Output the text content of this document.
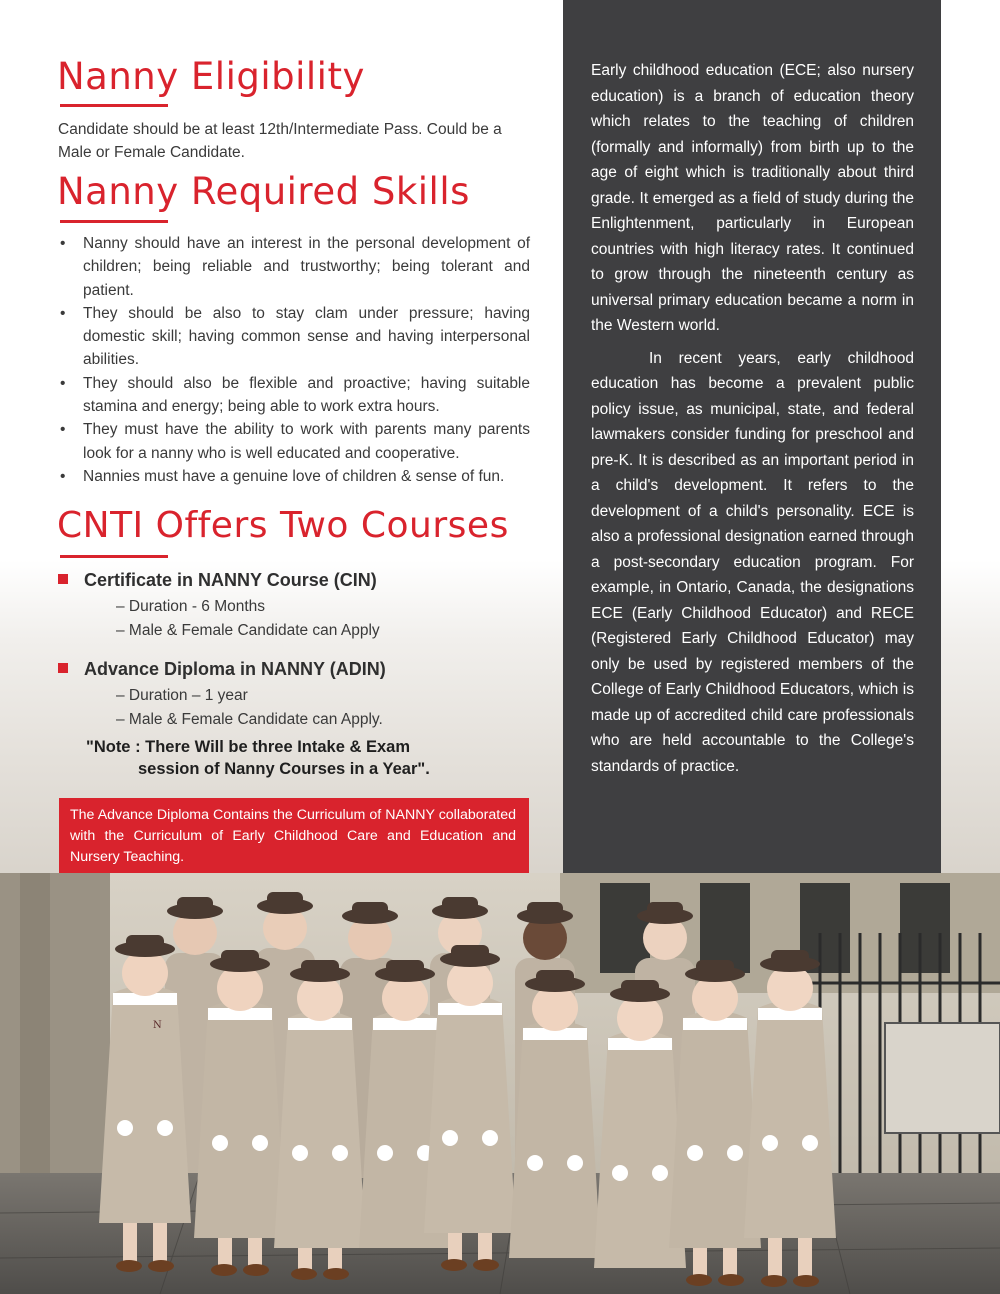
Nanny Eligibility

Candidate should be at least 12th/Intermediate Pass. Could be a Male or Female Candidate.

Nanny Required Skills
• Nanny should have an interest in the personal development of children; being reliable and trustworthy; being tolerant and patient.
• They should be also to stay clam under pressure; having domestic skill; having common sense and having interpersonal abilities.
• They should also be flexible and proactive; having suitable stamina and energy; being able to work extra hours.
• They must have the ability to work with parents many parents look for a nanny who is well educated and cooperative.
• Nannies must have a genuine love of children & sense of fun.
CNTI Offers Two Courses
Certificate in NANNY Course (CIN)
– Duration - 6 Months
– Male & Female Candidate can Apply
Advance Diploma in NANNY (ADIN)
– Duration – 1 year
– Male & Female Candidate can Apply.
"Note : There Will be three Intake & Exam
session of Nanny Courses in a Year".
The Advance Diploma Contains the Curriculum of NANNY collaborated with the Curriculum of Early Childhood Care and Education and Nursery Teaching.

Early childhood education (ECE; also nursery education) is a branch of education theory which relates to the teaching of children (formally and informally) from birth up to the age of eight which is traditionally about third grade. It emerged as a field of study during the Enlightenment, particularly in European countries with high literacy rates. It continued to grow through the nineteenth century as universal primary education became a norm in the Western world.

In recent years, early childhood education has become a prevalent public policy issue, as municipal, state, and federal lawmakers consider funding for preschool and pre-K. It is described as an important period in a child's development. It refers to the development of a child's personality. ECE is also a professional designation earned through a post-secondary education program. For example, in Ontario, Canada, the designations ECE (Early Childhood Educator) and RECE (Registered Early Childhood Educator) may only be used by registered members of the College of Early Childhood Educators, which is made up of accredited child care professionals who are held accountable to the College's standards of practice.

N
